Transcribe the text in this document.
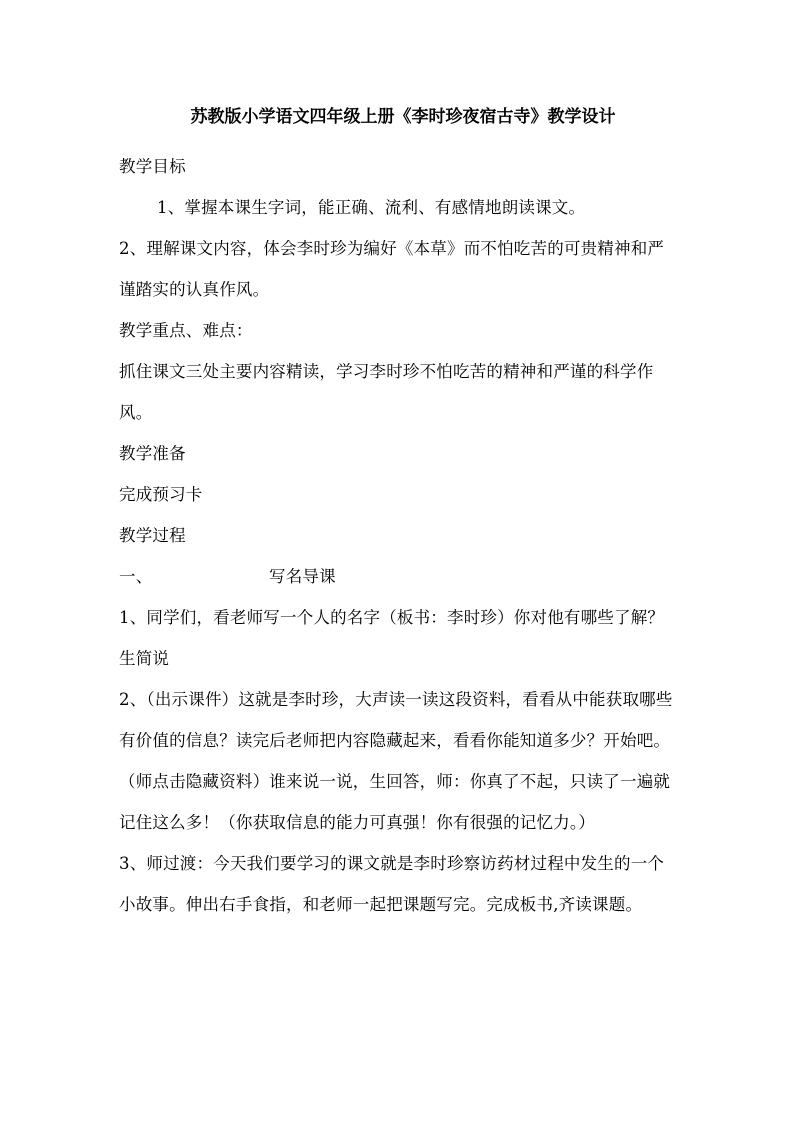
苏教版小学语文四年级上册《李时珍夜宿古寺》教学设计

教学目标

1、掌握本课生字词，能正确、流利、有感情地朗读课文。

2、理解课文内容，体会李时珍为编好《本草》而不怕吃苦的可贵精神和严谨踏实的认真作风。

教学重点、难点：

抓住课文三处主要内容精读，学习李时珍不怕吃苦的精神和严谨的科学作风。

教学准备

完成预习卡

教学过程

一、	写名导课

1、同学们，看老师写一个人的名字（板书：李时珍）你对他有哪些了解？生简说

2、（出示课件）这就是李时珍，大声读一读这段资料，看看从中能获取哪些有价值的信息？读完后老师把内容隐藏起来，看看你能知道多少？开始吧。（师点击隐藏资料）谁来说一说，生回答，师：你真了不起，只读了一遍就记住这么多！（你获取信息的能力可真强！你有很强的记忆力。）

3、师过渡：今天我们要学习的课文就是李时珍察访药材过程中发生的一个小故事。伸出右手食指，和老师一起把课题写完。完成板书,齐读课题。
